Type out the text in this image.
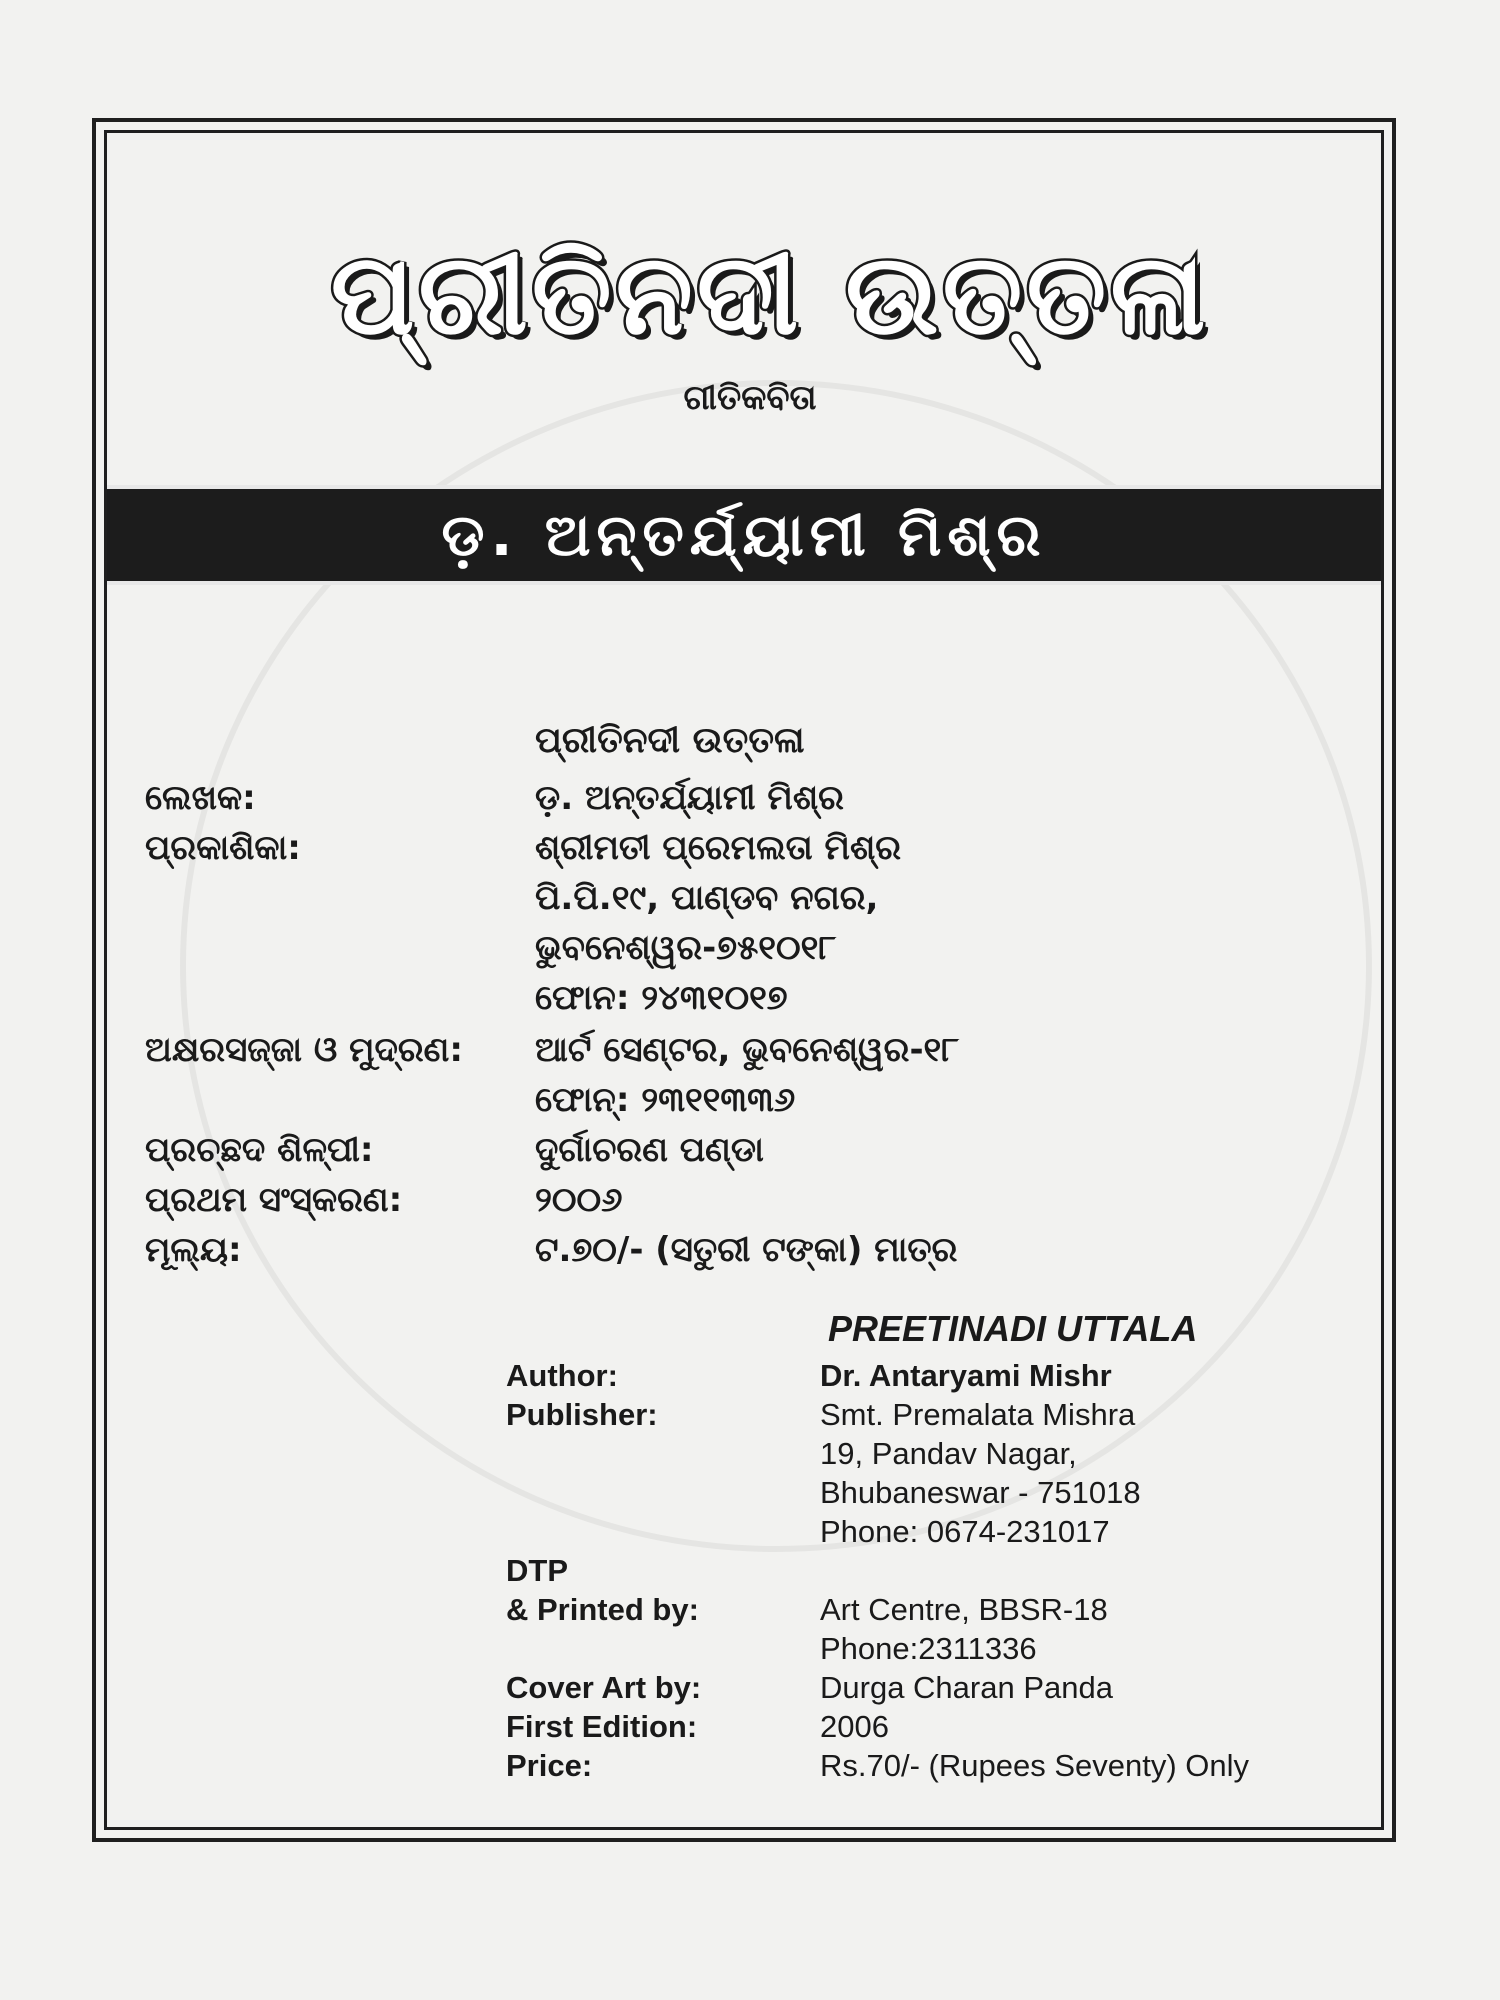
ପ୍ରୀତିନଦୀ ଉତ୍ତଳା
ଗୀତିକବିତା
ଡ଼. ଅନ୍ତର୍ଯ୍ୟାମୀ ମିଶ୍ର
ପ୍ରୀତିନଦୀ ଉତ୍ତଳା
ଲେଖକ:	ଡ଼. ଅନ୍ତର୍ଯ୍ୟାମୀ ମିଶ୍ର
ପ୍ରକାଶିକା:	ଶ୍ରୀମତୀ ପ୍ରେମଲତା ମିଶ୍ର
ପି.ପି.୧୯, ପାଣ୍ଡବ ନଗର,
ଭୁବନେଶ୍ୱର-୭୫୧୦୧୮
ଫୋନ: ୨୪୩୧୦୧୭
ଅକ୍ଷରସଜ୍ଜା ଓ ମୁଦ୍ରଣ: ଆର୍ଟ ସେଣ୍ଟର, ଭୁବନେଶ୍ୱର-୧୮
ଫୋନ୍: ୨୩୧୧୩୩୬
ପ୍ରଚ୍ଛଦ ଶିଳ୍ପୀ:	ଦୁର୍ଗାଚରଣ ପଣ୍ଡା
ପ୍ରଥମ ସଂସ୍କରଣ:	୨୦୦୬
ମୂଲ୍ୟ:	ଟ.୭୦/- (ସତୁରୀ ଟଙ୍କା) ମାତ୍ର
PREETINADI UTTALA
Author:	Dr. Antaryami Mishr
Publisher:	Smt. Premalata Mishra
19, Pandav Nagar,
Bhubaneswar - 751018
Phone: 0674-231017
DTP
& Printed by:	Art Centre, BBSR-18
Phone:2311336
Cover Art by:	Durga Charan Panda
First Edition:	2006
Price:	Rs.70/- (Rupees Seventy) Only
